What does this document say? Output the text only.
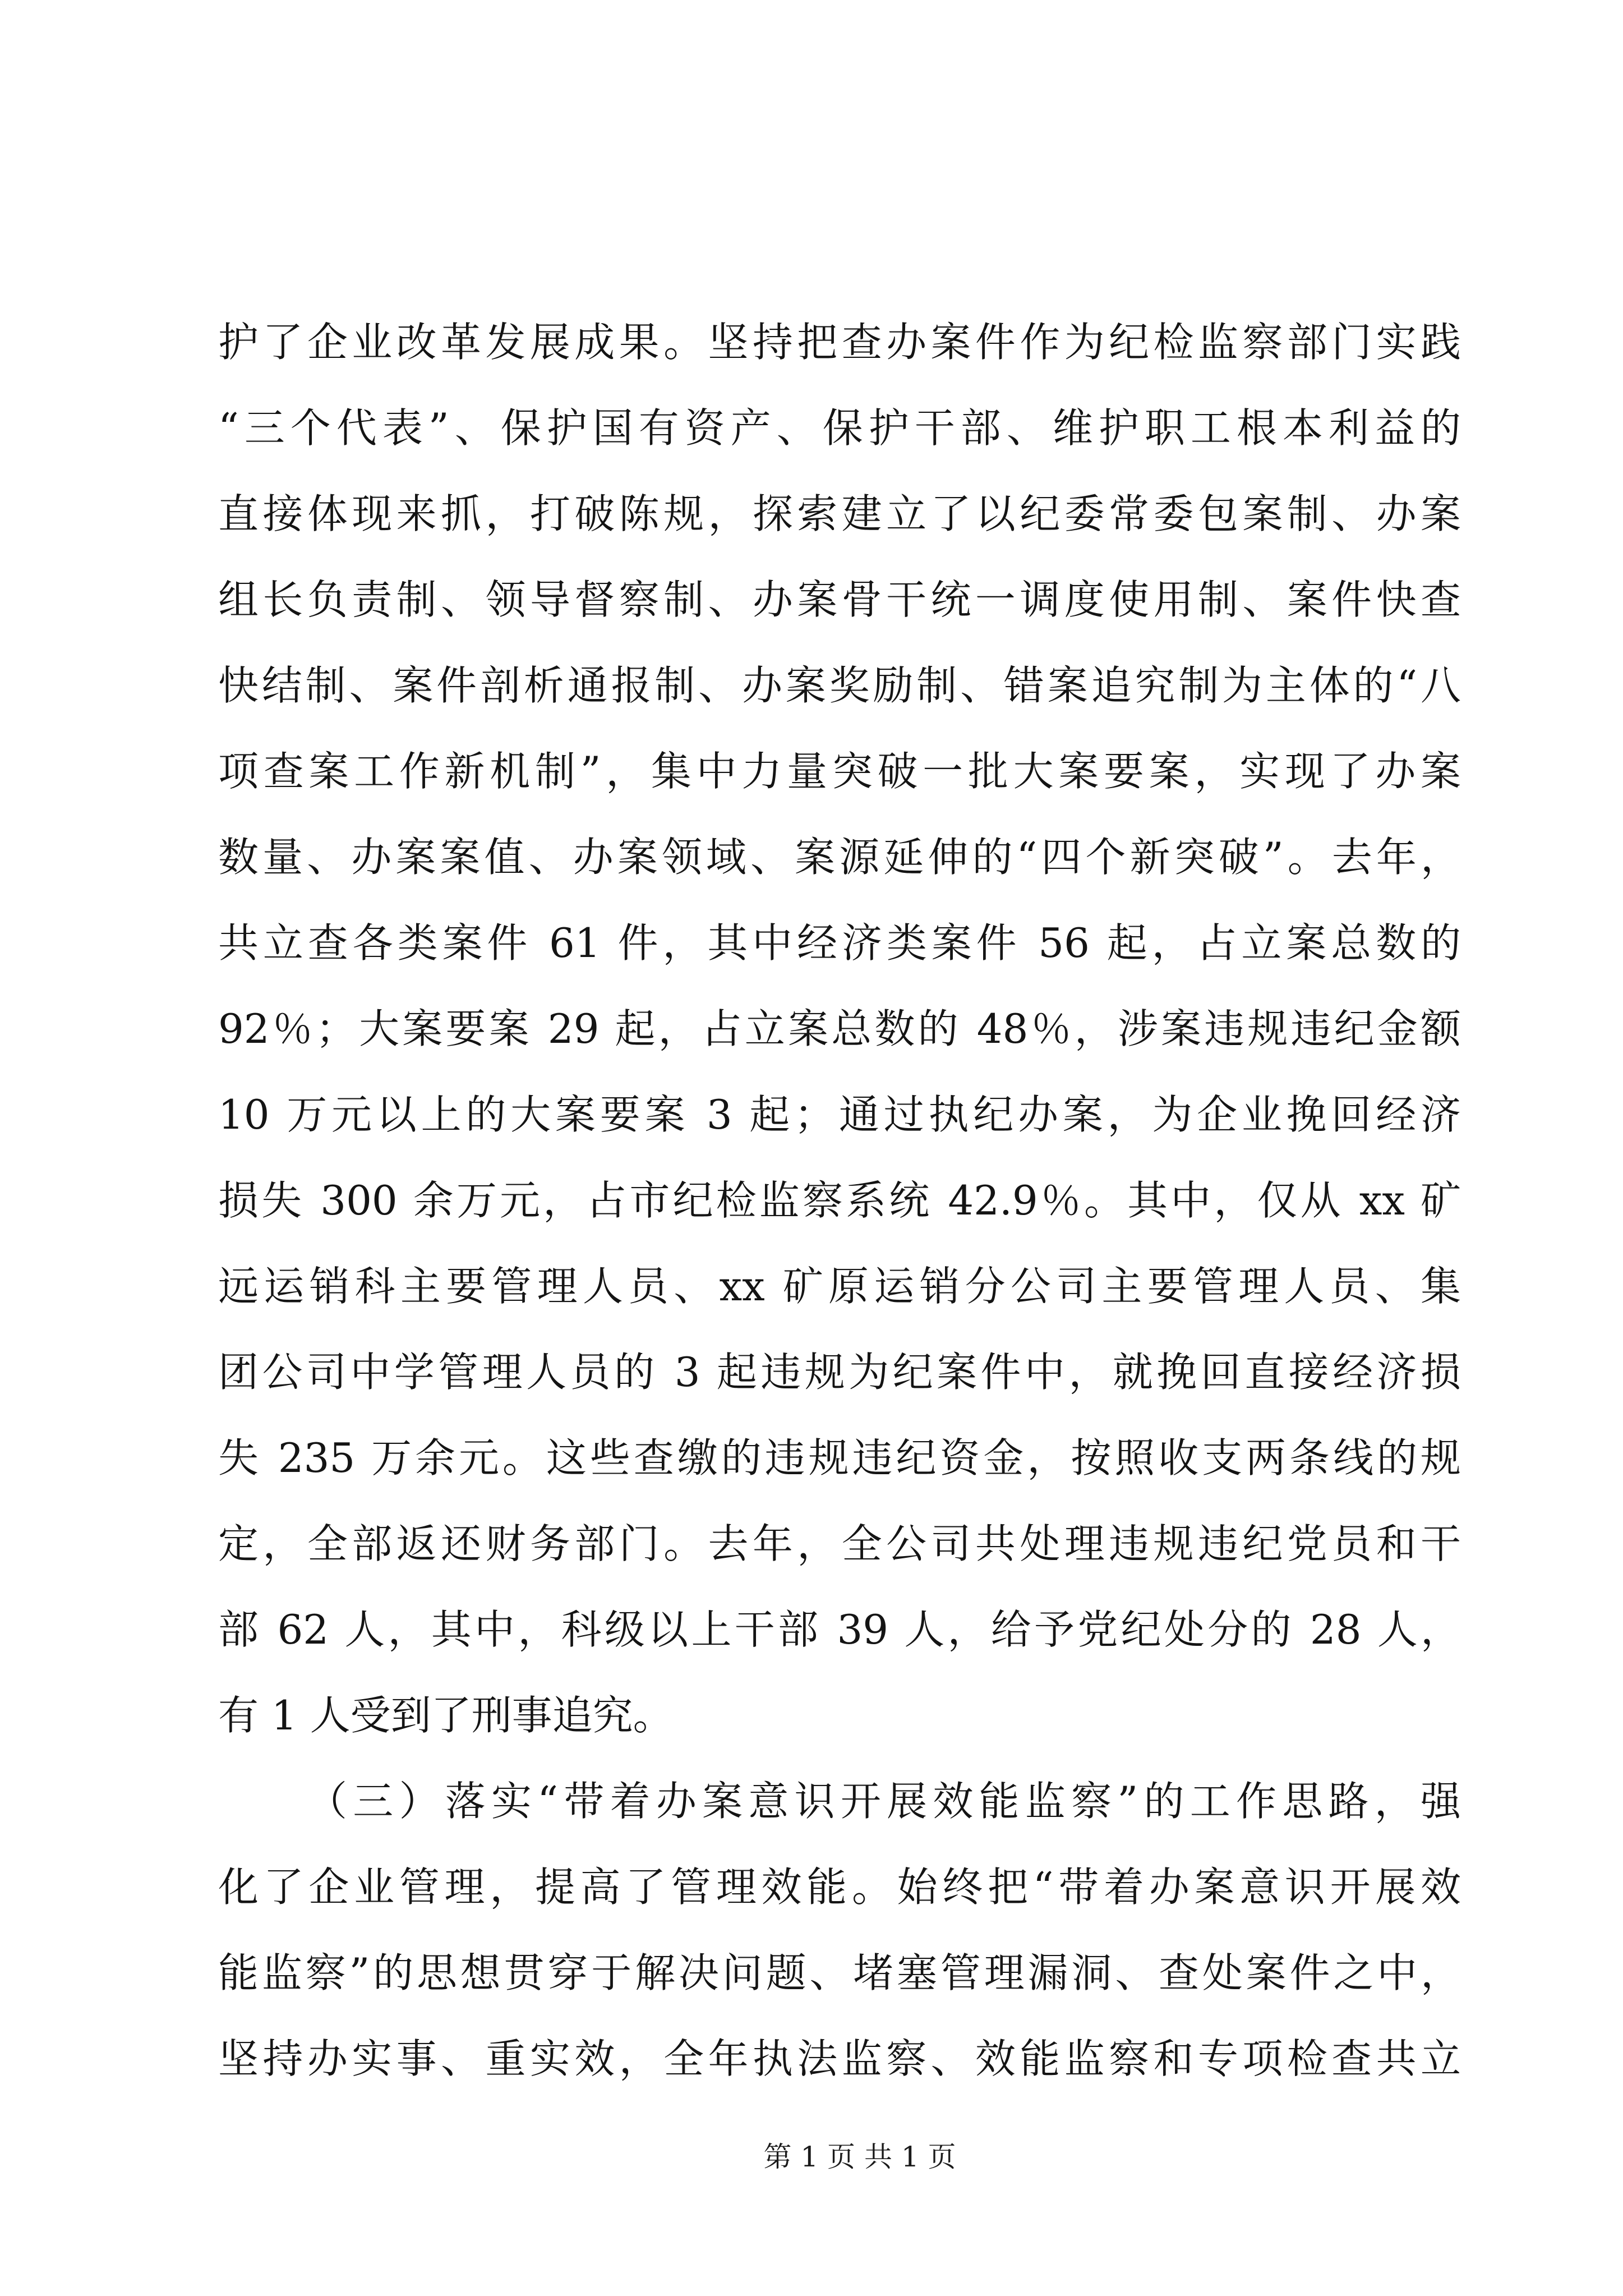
护了企业改革发展成果。坚持把查办案件作为纪检监察部门实践
“三个代表”、保护国有资产、保护干部、维护职工根本利益的
直接体现来抓，打破陈规，探索建立了以纪委常委包案制、办案
组长负责制、领导督察制、办案骨干统一调度使用制、案件快查
快结制、案件剖析通报制、办案奖励制、错案追究制为主体的“八
项查案工作新机制”，集中力量突破一批大案要案，实现了办案
数量、办案案值、办案领域、案源延伸的“四个新突破”。去年，
共立查各类案件 61 件，其中经济类案件 56 起，占立案总数的
92％；大案要案 29 起，占立案总数的 48％，涉案违规违纪金额
10 万元以上的大案要案 3 起；通过执纪办案，为企业挽回经济
损失 300 余万元，占市纪检监察系统 42.9％。其中，仅从 xx 矿
远运销科主要管理人员、xx 矿原运销分公司主要管理人员、集
团公司中学管理人员的 3 起违规为纪案件中，就挽回直接经济损
失 235 万余元。这些查缴的违规违纪资金，按照收支两条线的规
定，全部返还财务部门。去年，全公司共处理违规违纪党员和干
部 62 人，其中，科级以上干部 39 人，给予党纪处分的 28 人，
有 1 人受到了刑事追究。
（三）落实“带着办案意识开展效能监察”的工作思路，强
化了企业管理，提高了管理效能。始终把“带着办案意识开展效
能监察”的思想贯穿于解决问题、堵塞管理漏洞、查处案件之中，
坚持办实事、重实效，全年执法监察、效能监察和专项检查共立
第 1 页 共 1 页
